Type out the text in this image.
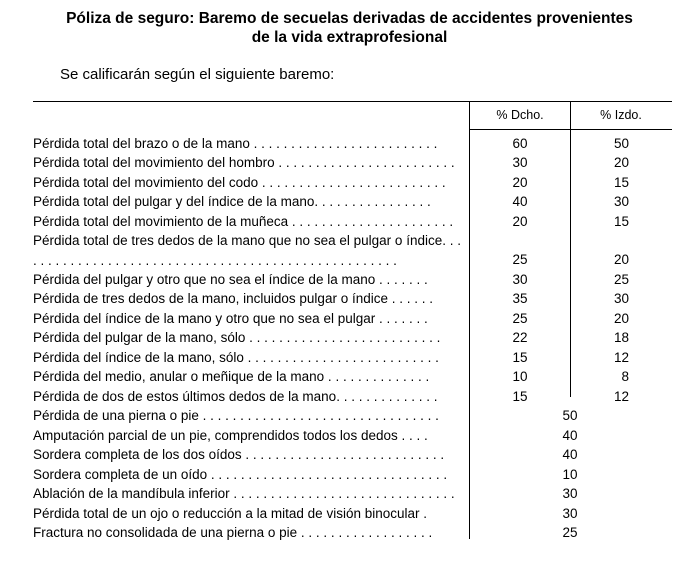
Póliza de seguro: Baremo de secuelas derivadas de accidentes provenientes
de la vida extraprofesional
Se calificarán según el siguiente baremo:
% Dcho.	% Izdo.
Pérdida total del brazo o de la mano . . . . . . . . . . . . . . . . . . . . . . . . .	60	50
Pérdida total del movimiento del hombro . . . . . . . . . . . . . . . . . . . . . . . .	30	20
Pérdida total del movimiento del codo . . . . . . . . . . . . . . . . . . . . . . . . .	20	15
Pérdida total del pulgar y del índice de la mano. . . . . . . . . . . . . . . .	40	30
Pérdida total del movimiento de la muñeca . . . . . . . . . . . . . . . . . . . . . .	20	15
Pérdida total de tres dedos de la mano que no sea el pulgar o índice. . . . . . . . . . . . . . . . . . . . . . . . . . . . . . . . . . . . . . . . . . . . . . . . . . . .	25	20
Pérdida del pulgar y otro que no sea el índice de la mano . . . . . . .	30	25
Pérdida de tres dedos de la mano, incluidos pulgar o índice . . . . . .	35	30
Pérdida del índice de la mano y otro que no sea el pulgar . . . . . . .	25	20
Pérdida del pulgar de la mano, sólo . . . . . . . . . . . . . . . . . . . . . . . . . .	22	18
Pérdida del índice de la mano, sólo . . . . . . . . . . . . . . . . . . . . . . . . . .	15	12
Pérdida del medio, anular o meñique de la mano . . . . . . . . . . . . . .	10	8
Pérdida de dos de estos últimos dedos de la mano. . . . . . . . . . . . . .	15	12
Pérdida de una pierna o pie . . . . . . . . . . . . . . . . . . . . . . . . . . . . . . . .	50
Amputación parcial de un pie, comprendidos todos los dedos . . . .	40
Sordera completa de los dos oídos . . . . . . . . . . . . . . . . . . . . . . . . . . .	40
Sordera completa de un oído . . . . . . . . . . . . . . . . . . . . . . . . . . . . . . . .	10
Ablación de la mandíbula inferior . . . . . . . . . . . . . . . . . . . . . . . . . . . . . .	30
Pérdida total de un ojo o reducción a la mitad de visión binocular .	30
Fractura no consolidada de una pierna o pie . . . . . . . . . . . . . . . . . .	25
